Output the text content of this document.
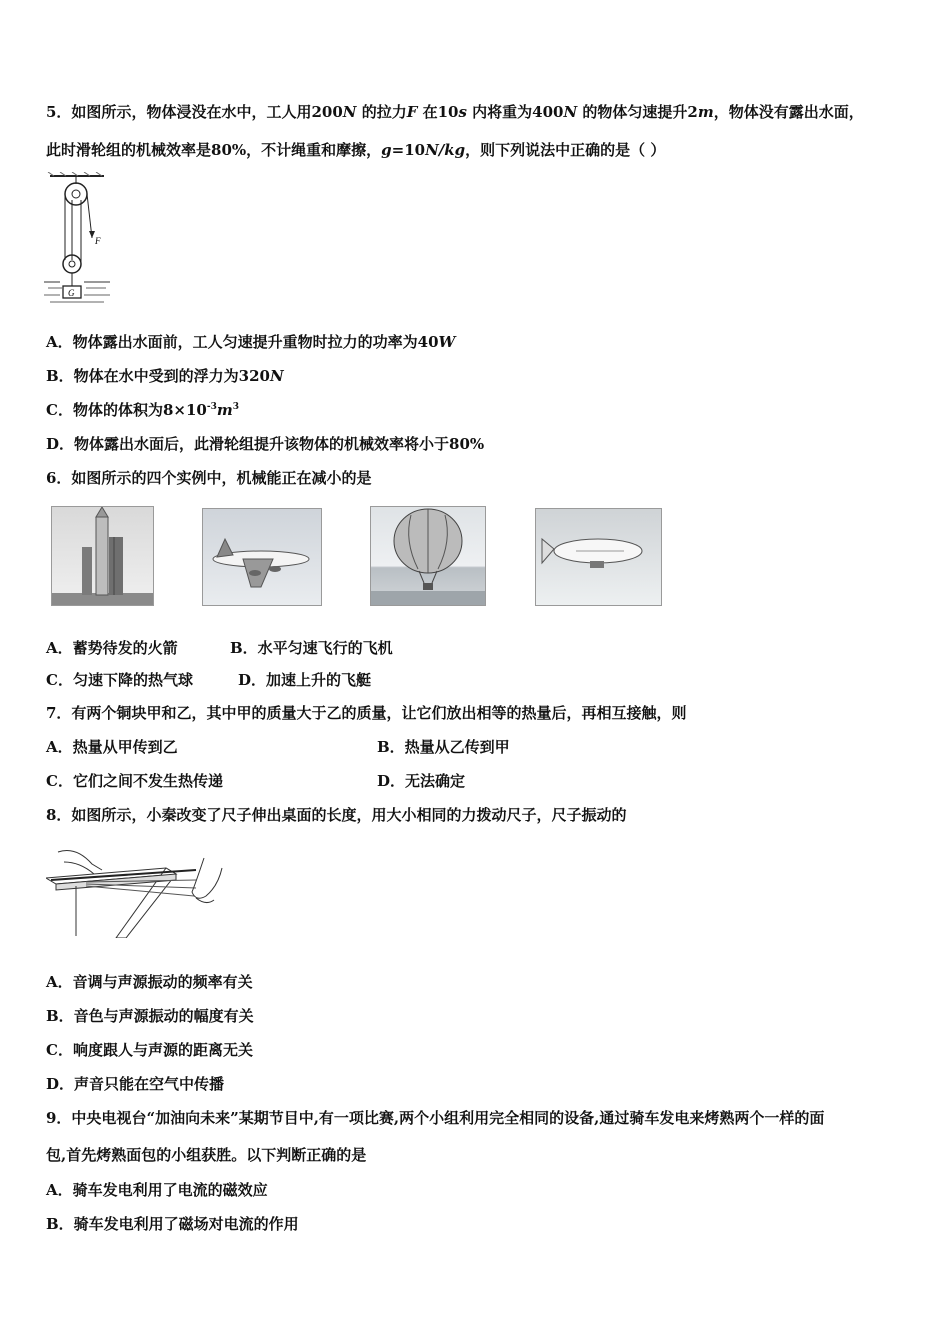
5．如图所示，物体浸没在水中，工人用200N 的拉力F 在10s 内将重为400N 的物体匀速提升2m，物体没有露出水面，
此时滑轮组的机械效率是80%，不计绳重和摩擦，g=10N/kg，则下列说法中正确的是（ ）
F
G
A．物体露出水面前，工人匀速提升重物时拉力的功率为40W
B．物体在水中受到的浮力为320N
C．物体的体积为$8\times 10^{-3}m^3$
D．物体露出水面后，此滑轮组提升该物体的机械效率将小于80%
6．如图所示的四个实例中，机械能正在减小的是
A．蓄势待发的火箭	B．水平匀速飞行的飞机
C．匀速下降的热气球	D．加速上升的飞艇
7．有两个铜块甲和乙，其中甲的质量大于乙的质量，让它们放出相等的热量后，再相互接触，则
A．热量从甲传到乙	B．热量从乙传到甲
C．它们之间不发生热传递	D．无法确定
8．如图所示，小秦改变了尺子伸出桌面的长度，用大小相同的力拨动尺子，尺子振动的
A．音调与声源振动的频率有关
B．音色与声源振动的幅度有关
C．响度跟人与声源的距离无关
D．声音只能在空气中传播
9．中央电视台“加油向未来”某期节目中,有一项比赛,两个小组利用完全相同的设备,通过骑车发电来烤熟两个一样的面
包,首先烤熟面包的小组获胜。以下判断正确的是
A．骑车发电利用了电流的磁效应
B．骑车发电利用了磁场对电流的作用
